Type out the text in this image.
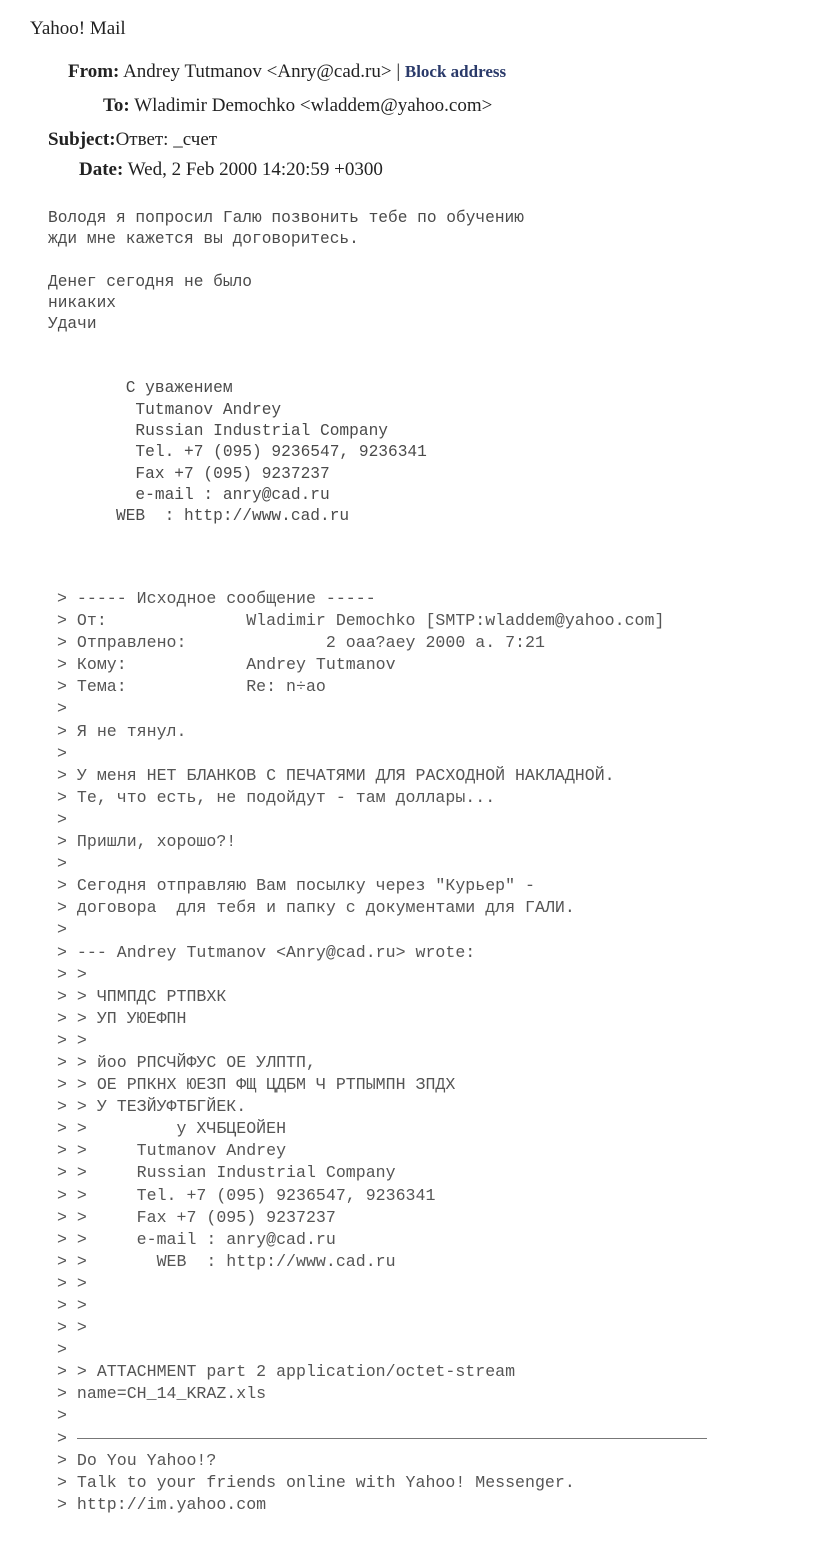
Yahoo! Mail
From: Andrey Tutmanov <Anry@cad.ru> | Block address
To: Wladimir Demochko <wladdem@yahoo.com>
Subject:Ответ: _счет
Date: Wed, 2 Feb 2000 14:20:59 +0300
Володя я попросил Галю позвонить тебе по обучению
жди мне кажется вы договоритесь.
Денег сегодня не было
никаких
Удачи
С уважением
Tutmanov Andrey
Russian Industrial Company
Tel. +7 (095) 9236547, 9236341
Fax +7 (095) 9237237
e-mail : anry@cad.ru
WEB  : http://www.cad.ru
> ----- Исходное сообщение -----
> От:              Wladimir Demochko [SMTP:wladdem@yahoo.com]
> Отправлено:              2 oaa?aey 2000 a. 7:21
> Кому:            Andrey Tutmanov
> Тема:            Re: n÷ao
>
> Я не тянул.
>
> У меня НЕТ БЛАНКОВ С ПЕЧАТЯМИ ДЛЯ РАСХОДНОЙ НАКЛАДНОЙ.
> Те, что есть, не подойдут - там доллары...
>
> Пришли, хорошо?!
>
> Сегодня отправляю Вам посылку через "Курьер" -
> договора  для тебя и папку с документами для ГАЛИ.
>
> --- Andrey Tutmanov <Anry@cad.ru> wrote:
> >
> > ЧПМПДС РТПВХК
> > УП УЮЕФПН
> >
> > йоо РПСЧЙФУС ОЕ УЛПТП,
> > ОЕ РПКНХ ЮЕЗП ФЩ ЦДБМ Ч РТПЫМПН ЗПДХ
> > У ТЕЗЙУФТБГЙЕК.
> >         у ХЧБЦЕОЙЕН
> >     Tutmanov Andrey
> >     Russian Industrial Company
> >     Tel. +7 (095) 9236547, 9236341
> >     Fax +7 (095) 9237237
> >     e-mail : anry@cad.ru
> >       WEB  : http://www.cad.ru
> >
> >
> >
>
> > ATTACHMENT part 2 application/octet-stream
> name=CH_14_KRAZ.xls
>
>
> Do You Yahoo!?
> Talk to your friends online with Yahoo! Messenger.
> http://im.yahoo.com
